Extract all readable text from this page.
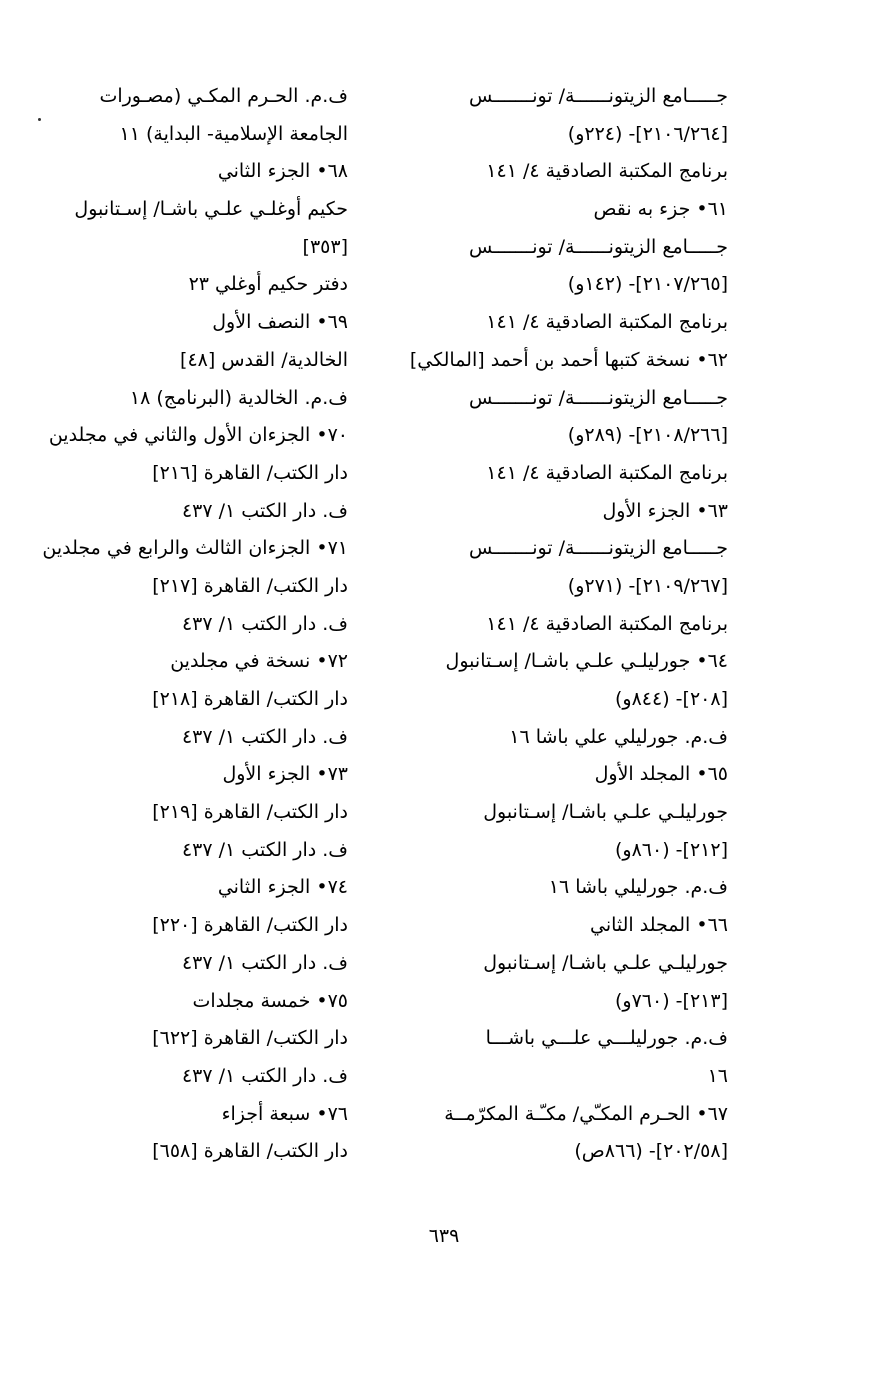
جـــــامع الزيتونــــــة/ تونـــــــس
[٢١٠٦/٢٦٤]- (٢٢٤و)
برنامج المكتبة الصادقية ٤/ ١٤١
٦١• جزء به نقص
جـــــامع الزيتونــــــة/ تونـــــــس
[٢١٠٧/٢٦٥]- (١٤٢و)
برنامج المكتبة الصادقية ٤/ ١٤١
٦٢• نسخة كتبها أحمد بن أحمد [المالكي]
جـــــامع الزيتونــــــة/ تونـــــــس
[٢١٠٨/٢٦٦]- (٢٨٩و)
برنامج المكتبة الصادقية ٤/ ١٤١
٦٣• الجزء الأول
جـــــامع الزيتونــــــة/ تونـــــــس
[٢١٠٩/٢٦٧]- (٢٧١و)
برنامج المكتبة الصادقية ٤/ ١٤١
٦٤• جورليلـي علـي باشـا/ إسـتانبول
[٢٠٨]- (٨٤٤و)
ف.م. جورليلي علي باشا ١٦
٦٥• المجلد الأول
جورليلـي علـي باشـا/ إسـتانبول
[٢١٢]- (٨٦٠و)
ف.م. جورليلي باشا ١٦
٦٦• المجلد الثاني
جورليلـي علـي باشـا/ إسـتانبول
[٢١٣]- (٧٦٠و)
ف.م. جورليلـــي علـــي باشـــا
١٦
٦٧• الحـرم المكـّي/ مكـّـة المكرّمــة
[٢٠٢/٥٨]- (٨٦٦ص)
ف.م. الحـرم المكـي (مصـورات
الجامعة الإسلامية- البداية) ١١
٦٨• الجزء الثاني
حكيم أوغلـي علـي باشـا/ إسـتانبول
[٣٥٣]
دفتر حكيم أوغلي ٢٣
٦٩• النصف الأول
الخالدية/ القدس [٤٨]
ف.م. الخالدية (البرنامج) ١٨
٧٠• الجزءان الأول والثاني في مجلدين
دار الكتب/ القاهرة [٢١٦]
ف. دار الكتب ١/ ٤٣٧
٧١• الجزءان الثالث والرابع في مجلدين
دار الكتب/ القاهرة [٢١٧]
ف. دار الكتب ١/ ٤٣٧
٧٢• نسخة في مجلدين
دار الكتب/ القاهرة [٢١٨]
ف. دار الكتب ١/ ٤٣٧
٧٣• الجزء الأول
دار الكتب/ القاهرة [٢١٩]
ف. دار الكتب ١/ ٤٣٧
٧٤• الجزء الثاني
دار الكتب/ القاهرة [٢٢٠]
ف. دار الكتب ١/ ٤٣٧
٧٥• خمسة مجلدات
دار الكتب/ القاهرة [٦٢٢]
ف. دار الكتب ١/ ٤٣٧
٧٦• سبعة أجزاء
دار الكتب/ القاهرة [٦٥٨]
٦٣٩
